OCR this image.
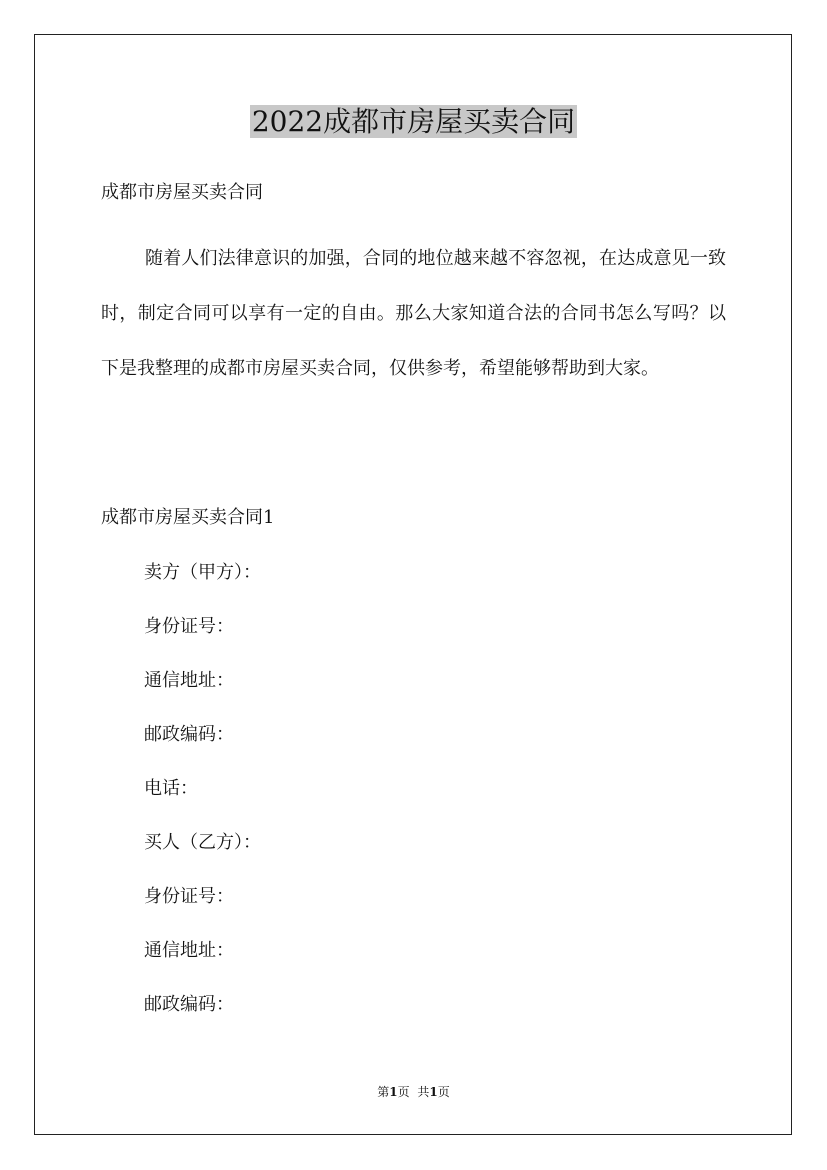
2022成都市房屋买卖合同
成都市房屋买卖合同

随着人们法律意识的加强，合同的地位越来越不容忽视，在达成意见一致时，制定合同可以享有一定的自由。那么大家知道合法的合同书怎么写吗？以下是我整理的成都市房屋买卖合同，仅供参考，希望能够帮助到大家。

成都市房屋买卖合同1
卖方（甲方）：
身份证号：
通信地址：
邮政编码：
电话：
买人（乙方）：
身份证号：
通信地址：
邮政编码：
第1页 共1页
